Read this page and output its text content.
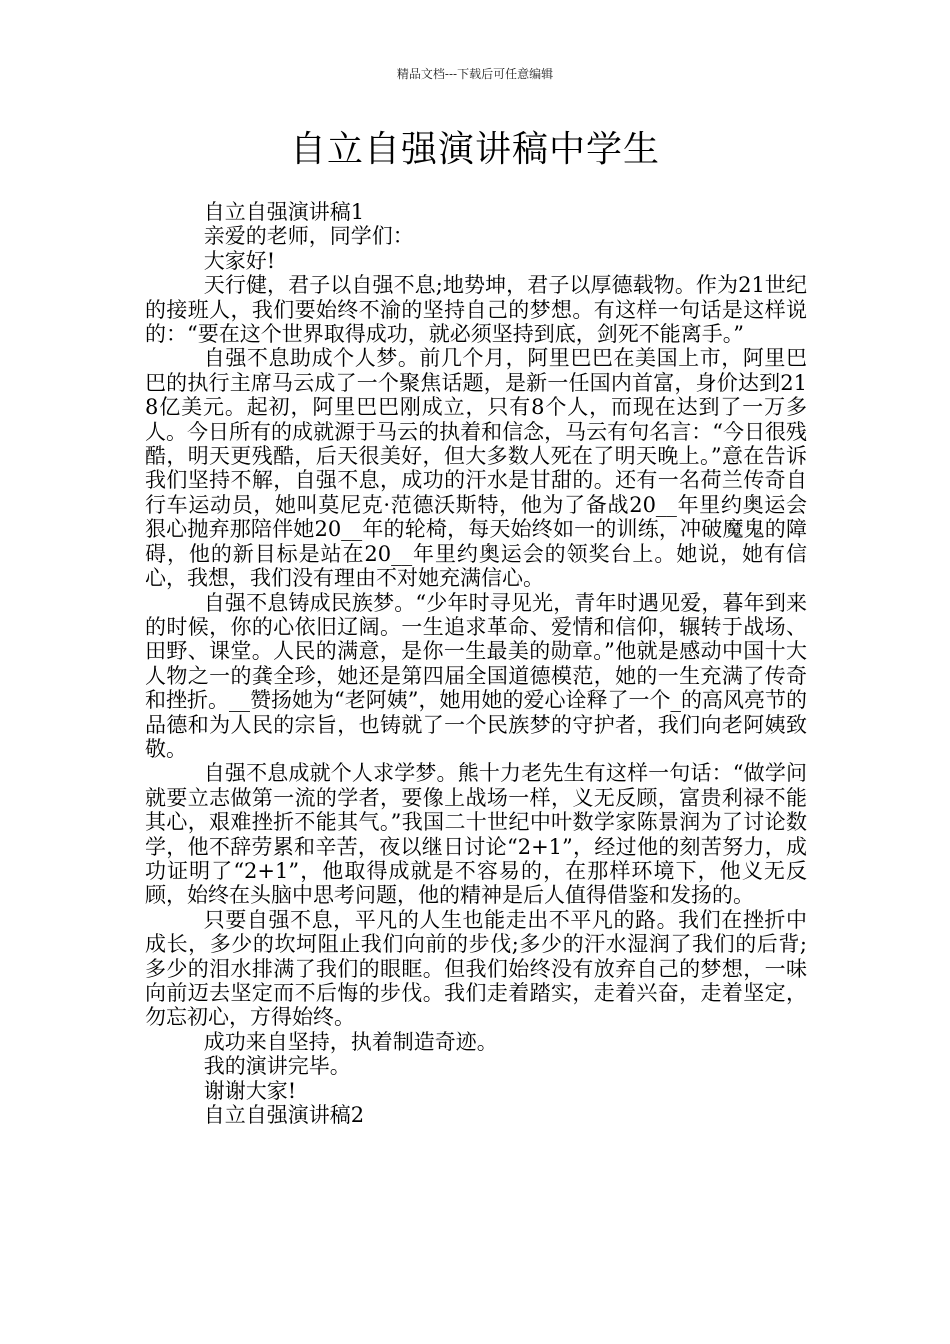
精品文档---下载后可任意编辑
自立自强演讲稿中学生

自立自强演讲稿1

亲爱的老师，同学们：

大家好!

天行健，君子以自强不息;地势坤，君子以厚德载物。作为21世纪的接班人，我们要始终不渝的坚持自己的梦想。有这样一句话是这样说的：“要在这个世界取得成功，就必须坚持到底，剑死不能离手。”

自强不息助成个人梦。前几个月，阿里巴巴在美国上市，阿里巴巴的执行主席马云成了一个聚焦话题，是新一任国内首富，身价达到218亿美元。起初，阿里巴巴刚成立，只有8个人，而现在达到了一万多人。今日所有的成就源于马云的执着和信念，马云有句名言：“今日很残酷，明天更残酷，后天很美好，但大多数人死在了明天晚上。”意在告诉我们坚持不解，自强不息，成功的汗水是甘甜的。还有一名荷兰传奇自行车运动员，她叫莫尼克·范德沃斯特，他为了备战20__年里约奥运会狠心抛弃那陪伴她20__年的轮椅，每天始终如一的训练，冲破魔鬼的障碍，他的新目标是站在20__年里约奥运会的领奖台上。她说，她有信心，我想，我们没有理由不对她充满信心。

自强不息铸成民族梦。“少年时寻见光，青年时遇见爱，暮年到来的时候，你的心依旧辽阔。一生追求革命、爱情和信仰，辗转于战场、田野、课堂。人民的满意，是你一生最美的勋章。”他就是感动中国十大人物之一的龚全珍，她还是第四届全国道德模范，她的一生充满了传奇和挫折。__赞扬她为“老阿姨”，她用她的爱心诠释了一个_的高风亮节的品德和为人民的宗旨，也铸就了一个民族梦的守护者，我们向老阿姨致敬。

自强不息成就个人求学梦。熊十力老先生有这样一句话：“做学问就要立志做第一流的学者，要像上战场一样，义无反顾，富贵利禄不能其心，艰难挫折不能其气。”我国二十世纪中叶数学家陈景润为了讨论数学，他不辞劳累和辛苦，夜以继日讨论“2+1”，经过他的刻苦努力，成功证明了“2+1”，他取得成就是不容易的，在那样环境下，他义无反顾，始终在头脑中思考问题，他的精神是后人值得借鉴和发扬的。

只要自强不息，平凡的人生也能走出不平凡的路。我们在挫折中成长，多少的坎坷阻止我们向前的步伐;多少的汗水湿润了我们的后背;多少的泪水排满了我们的眼眶。但我们始终没有放弃自己的梦想，一味向前迈去坚定而不后悔的步伐。我们走着踏实，走着兴奋，走着坚定，勿忘初心，方得始终。

成功来自坚持，执着制造奇迹。

我的演讲完毕。

谢谢大家!

自立自强演讲稿2
